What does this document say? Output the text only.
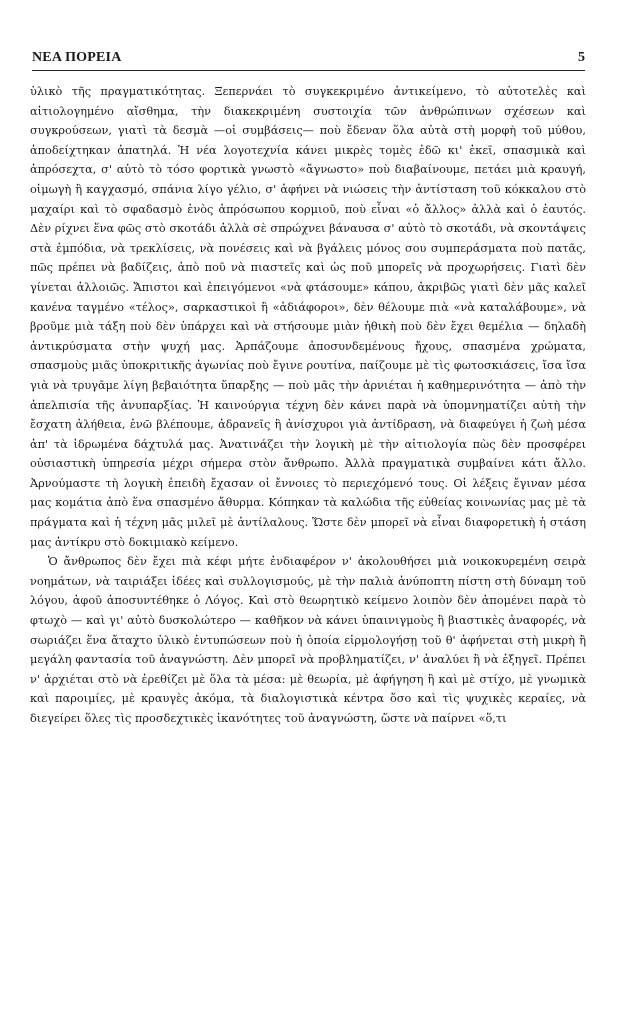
ΝΕΑ ΠΟΡΕΙΑ	5

ὑλικὸ τῆς πραγματικότητας. Ξεπερνάει τὸ συγκεκριμένο ἀντικείμενο, τὸ αὐτοτελὲς καὶ αἰτιολογημένο αἴσθημα, τὴν διακεκριμένη συστοιχία τῶν ἀνθρώπινων σχέσεων καὶ συγκρούσεων, γιατὶ τὰ δεσμὰ —οἱ συμβάσεις— ποὺ ἔδεναν ὅλα αὐτὰ στὴ μορφὴ τοῦ μύθου, ἀποδείχτηκαν ἀπατηλά. Ἡ νέα λογοτεχνία κάνει μικρὲς τομὲς ἐδῶ κι' ἐκεῖ, σπασμικὰ καὶ ἀπρόσεχτα, σ' αὐτὸ τὸ τόσο φορτικὰ γνωστὸ «ἄγνωστο» ποὺ διαβαίνουμε, πετάει μιὰ κραυγή, οἰμωγὴ ἢ καγχασμό, σπάνια λίγο γέλιο, σ' ἀφήνει νὰ νιώσεις τὴν ἀντίσταση τοῦ κόκκαλου στὸ μαχαίρι καὶ τὸ σφαδασμὸ ἑνὸς ἀπρόσωπου κορμιοῦ, ποὺ εἶναι «ὁ ἄλλος» ἀλλὰ καὶ ὁ ἑαυτός. Δὲν ρίχνει ἕνα φῶς στὸ σκοτάδι ἀλλὰ σὲ σπρώχνει βάναυσα σ' αὐτὸ τὸ σκοτάδι, νὰ σκοντάψεις στὰ ἐμπόδια, νὰ τρεκλίσεις, νὰ πονέσεις καὶ νὰ βγάλεις μόνος σου συμπεράσματα ποὺ πατᾶς, πῶς πρέπει νὰ βαδίζεις, ἀπὸ ποῦ νὰ πιαστεῖς καὶ ὡς ποῦ μπορεῖς νὰ προχωρήσεις. Γιατὶ δὲν γίνεται ἀλλοιῶς. Ἄπιστοι καὶ ἐπειγόμενοι «νὰ φτάσουμε» κάπου, ἀκριβῶς γιατὶ δὲν μᾶς καλεῖ κανένα ταγμένο «τέλος», σαρκαστικοὶ ἢ «ἀδιάφοροι», δὲν θέλουμε πιὰ «νὰ καταλάβουμε», νὰ βροῦμε μιὰ τάξη ποὺ δὲν ὑπάρχει καὶ νὰ στήσουμε μιὰν ἠθικὴ ποὺ δὲν ἔχει θεμέλια — δηλαδὴ ἀντικρύσματα στὴν ψυχή μας. Ἁρπάζουμε ἀποσυνδεμένους ἤχους, σπασμένα χρώματα, σπασμοὺς μιᾶς ὑποκριτικῆς ἀγωνίας ποὺ ἔγινε ρουτίνα, παίζουμε μὲ τὶς φωτοσκιάσεις, ἴσα ἴσα γιὰ νὰ τρυγᾶμε λίγη βεβαιότητα ὕπαρξης — ποὺ μᾶς τὴν ἀρνιέται ἡ καθημερινότητα — ἀπὸ τὴν ἀπελπισία τῆς ἀνυπαρξίας. Ἡ καινούργια τέχνη δὲν κάνει παρὰ νὰ ὑπομνηματίζει αὐτὴ τὴν ἔσχατη ἀλήθεια, ἐνῶ βλέπουμε, ἀδρανεῖς ἢ ἀνίσχυροι γιὰ ἀντίδραση, νὰ διαφεύγει ἡ ζωὴ μέσα ἀπ' τὰ ἱδρωμένα δάχτυλά μας. Ἀνατινάζει τὴν λογικὴ μὲ τὴν αἰτιολογία πὼς δὲν προσφέρει οὐσιαστικὴ ὑπηρεσία μέχρι σήμερα στὸν ἄνθρωπο. Ἀλλὰ πραγματικὰ συμβαίνει κάτι ἄλλο. Ἀρνούμαστε τὴ λογικὴ ἐπειδὴ ἔχασαν οἱ ἔννοιες τὸ περιεχόμενό τους. Οἱ λέξεις ἔγιναν μέσα μας κομάτια ἀπὸ ἕνα σπασμένο ἄθυρμα. Κόπηκαν τὰ καλώδια τῆς εὐθείας κοινωνίας μας μὲ τὰ πράγματα καὶ ἡ τέχνη μᾶς μιλεῖ μὲ ἀντίλαλους. Ὥστε δὲν μπορεῖ νὰ εἶναι διαφορετικὴ ἡ στάση μας ἀντίκρυ στὸ δοκιμιακὸ κείμενο.

Ὁ ἄνθρωπος δὲν ἔχει πιὰ κέφι μήτε ἐνδιαφέρον ν' ἀκολουθήσει μιὰ νοικοκυρεμένη σειρὰ νοημάτων, νὰ ταιριάξει ἰδέες καὶ συλλογισμούς, μὲ τὴν παλιὰ ἀνύποπτη πίστη στὴ δύναμη τοῦ λόγου, ἀφοῦ ἀποσυντέθηκε ὁ Λόγος. Καὶ στὸ θεωρητικὸ κείμενο λοιπὸν δὲν ἀπομένει παρὰ τὸ φτωχὸ — καὶ γι' αὐτὸ δυσκολώτερο — καθῆκον νὰ κάνει ὑπαινιγμοὺς ἢ βιαστικὲς ἀναφορές, νὰ σωριάζει ἕνα ἄταχτο ὑλικὸ ἐντυπώσεων ποὺ ἡ ὁποία εἱρμολογήσῃ τοῦ θ' ἀφήνεται στὴ μικρὴ ἢ μεγάλη φαντασία τοῦ ἀναγνώστη. Δὲν μπορεῖ νὰ προβληματίζει, ν' ἀναλύει ἢ νὰ ἐξηγεῖ. Πρέπει ν' ἀρχιέται στὸ νὰ ἐρεθίζει μὲ ὅλα τὰ μέσα: μὲ θεωρία, μὲ ἀφήγηση ἢ καὶ μὲ στίχο, μὲ γνωμικὰ καὶ παροιμίες, μὲ κραυγὲς ἀκόμα, τὰ διαλογιστικὰ κέντρα ὅσο καὶ τὶς ψυχικὲς κεραίες, νὰ διεγείρει ὅλες τὶς προσδεχτικὲς ἱκανότητες τοῦ ἀναγνώστη, ὥστε νὰ παίρνει «ὅ,τι
